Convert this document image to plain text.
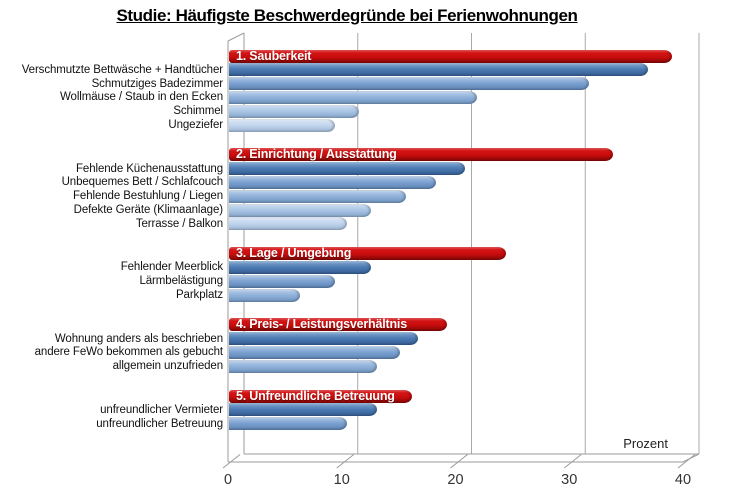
Studie: Häufigste Beschwerdegründe bei Ferienwohnungen
Prozent
0	10	20	30	40
1. Sauberkeit
Verschmutzte Bettwäsche + Handtücher
Schmutziges Badezimmer
Wollmäuse / Staub in den Ecken
Schimmel
Ungeziefer
2. Einrichtung / Ausstattung
Fehlende Küchenausstattung
Unbequemes Bett / Schlafcouch
Fehlende Bestuhlung / Liegen
Defekte Geräte (Klimaanlage)
Terrasse / Balkon
3. Lage / Umgebung
Fehlender Meerblick
Lärmbelästigung
Parkplatz
4. Preis- / Leistungsverhältnis
Wohnung anders als beschrieben
andere FeWo bekommen als gebucht
allgemein unzufrieden
5. Unfreundliche Betreuung
unfreundlicher Vermieter
unfreundlicher Betreuung
